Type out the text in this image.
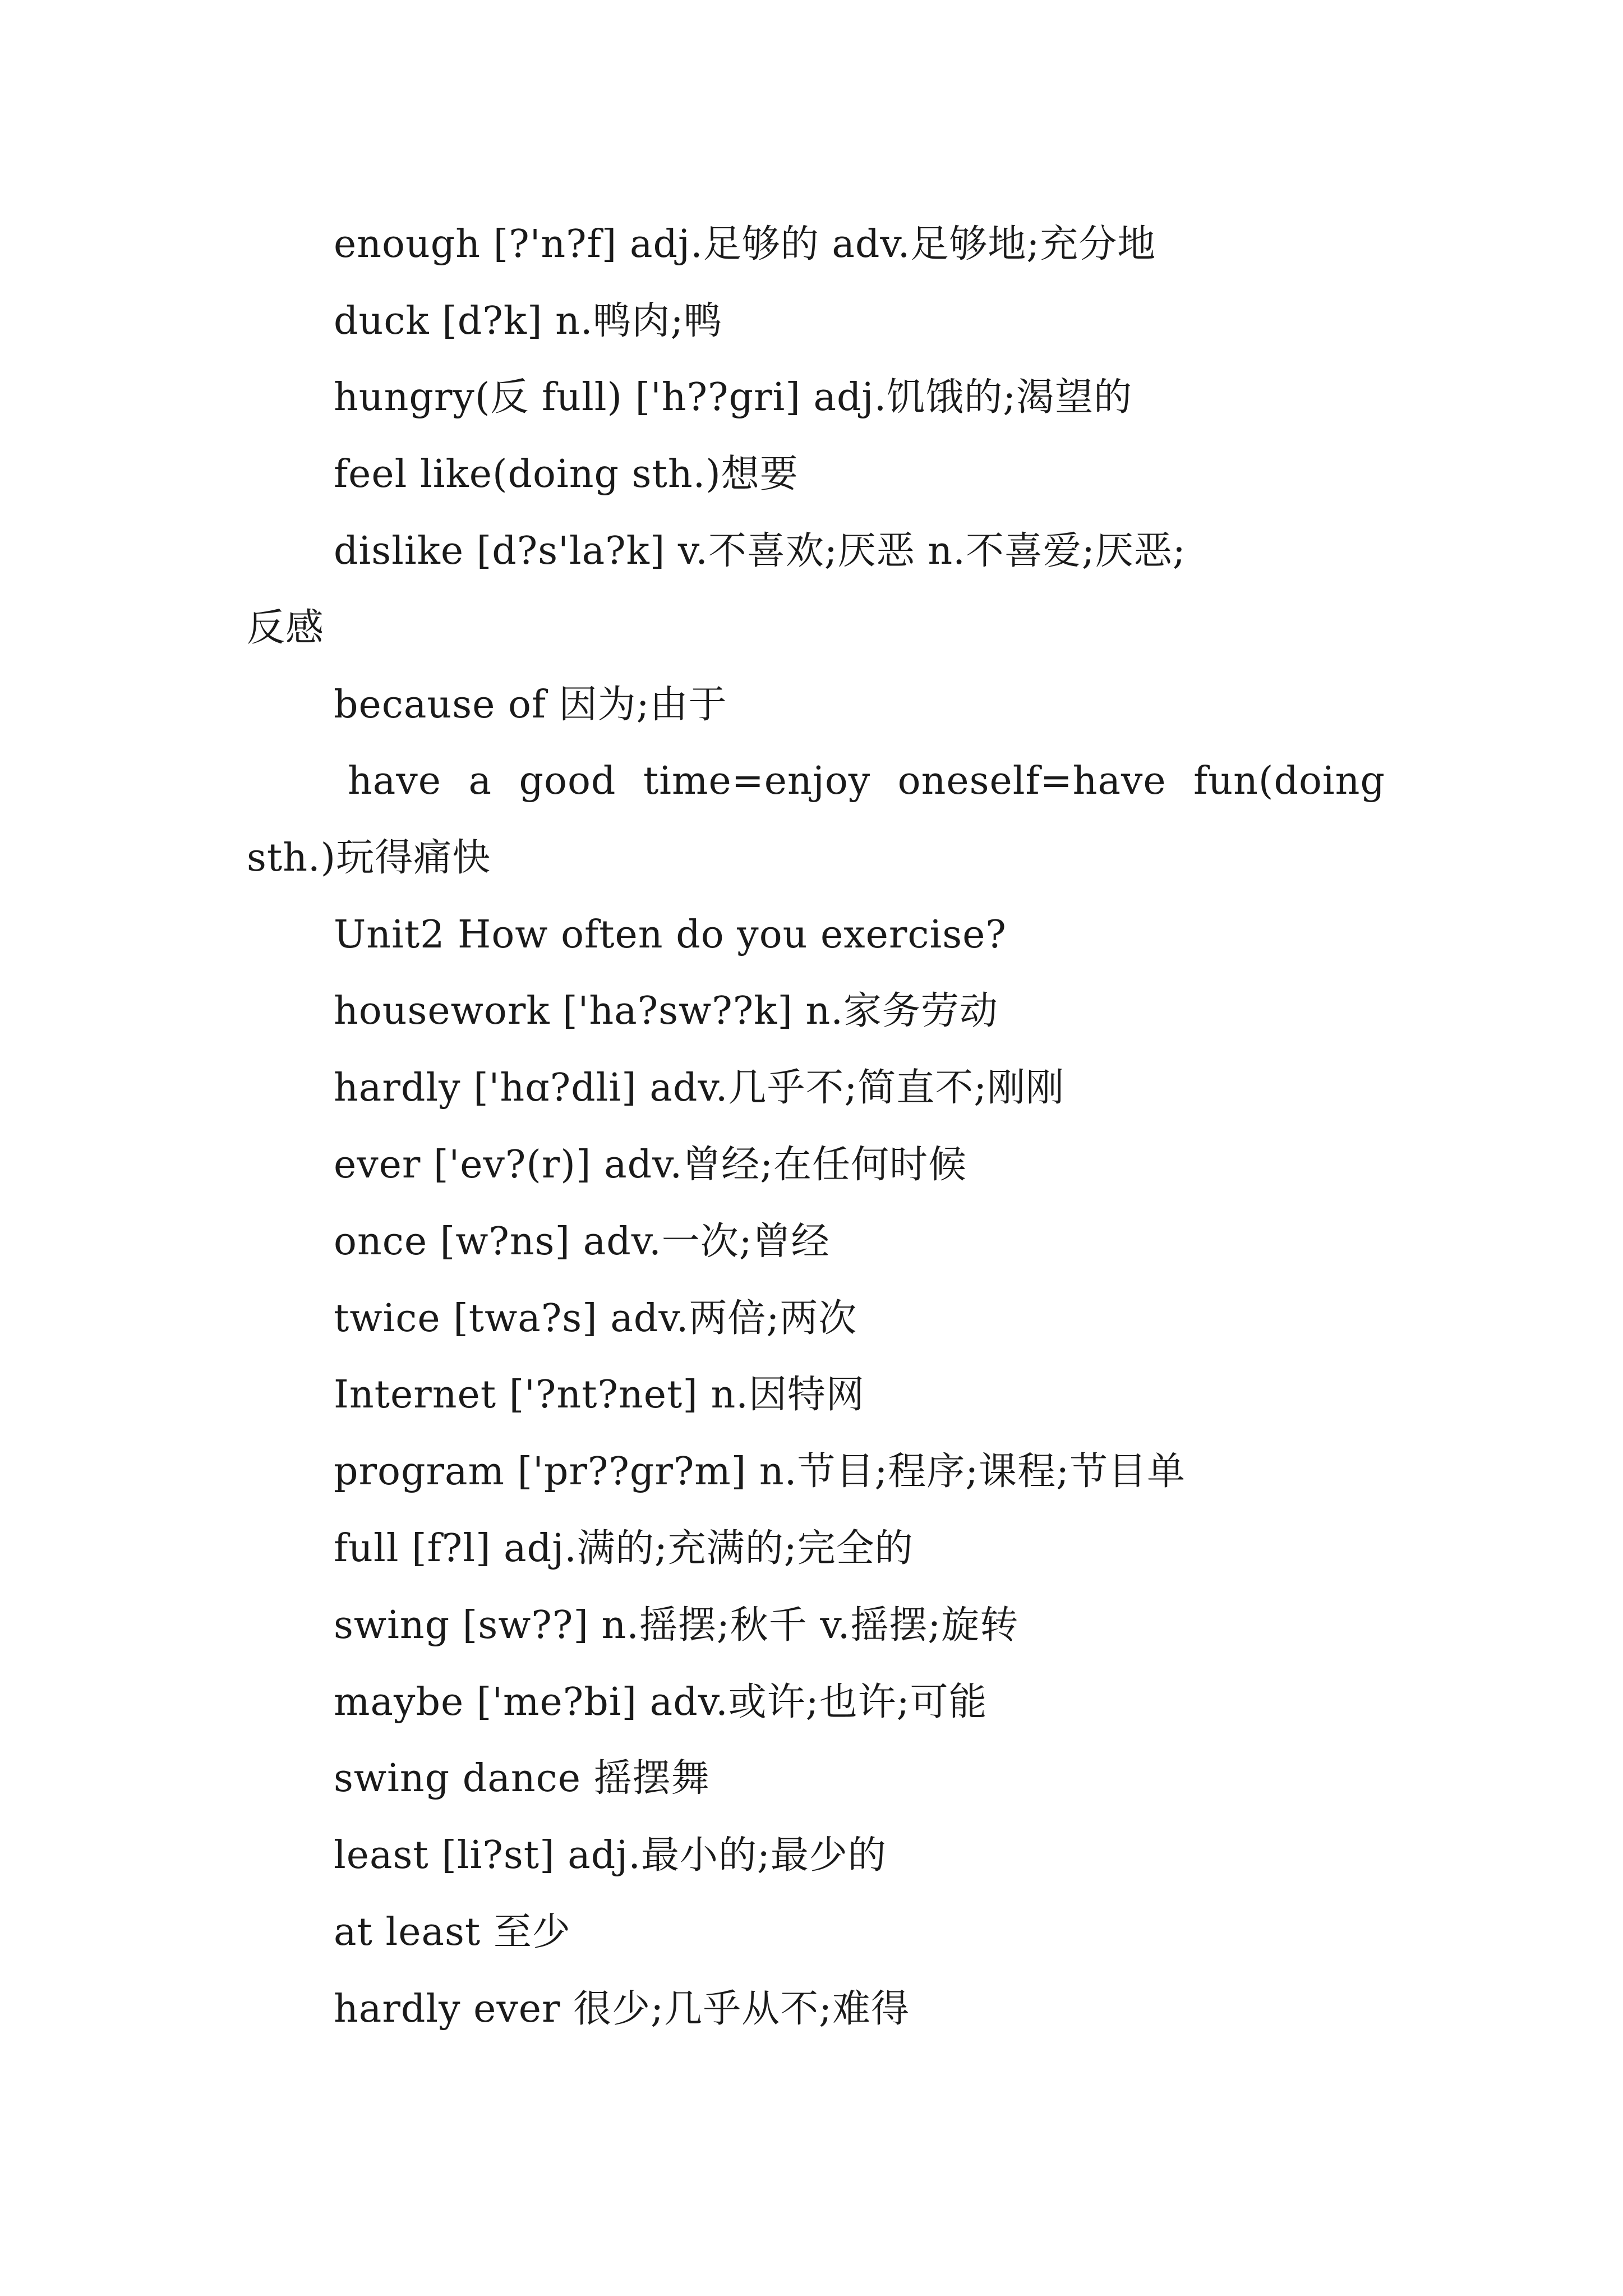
enough [?'n?f] adj.足够的 adv.足够地;充分地
duck [d?k] n.鸭肉;鸭
hungry(反 full) ['h??gri] adj.饥饿的;渴望的
feel like(doing sth.)想要
dislike [d?s'la?k] v.不喜欢;厌恶 n.不喜爱;厌恶;
反感
because of 因为;由于
have a good time=enjoy oneself=have fun(doing
sth.)玩得痛快
Unit2 How often do you exercise?
housework ['ha?sw??k] n.家务劳动
hardly ['hɑ?dli] adv.几乎不;简直不;刚刚
ever ['ev?(r)] adv.曾经;在任何时候
once [w?ns] adv.一次;曾经
twice [twa?s] adv.两倍;两次
Internet ['?nt?net] n.因特网
program ['pr??gr?m] n.节目;程序;课程;节目单
full [f?l] adj.满的;充满的;完全的
swing [sw??] n.摇摆;秋千 v.摇摆;旋转
maybe ['me?bi] adv.或许;也许;可能
swing dance 摇摆舞
least [li?st] adj.最小的;最少的
at least 至少
hardly ever 很少;几乎从不;难得
